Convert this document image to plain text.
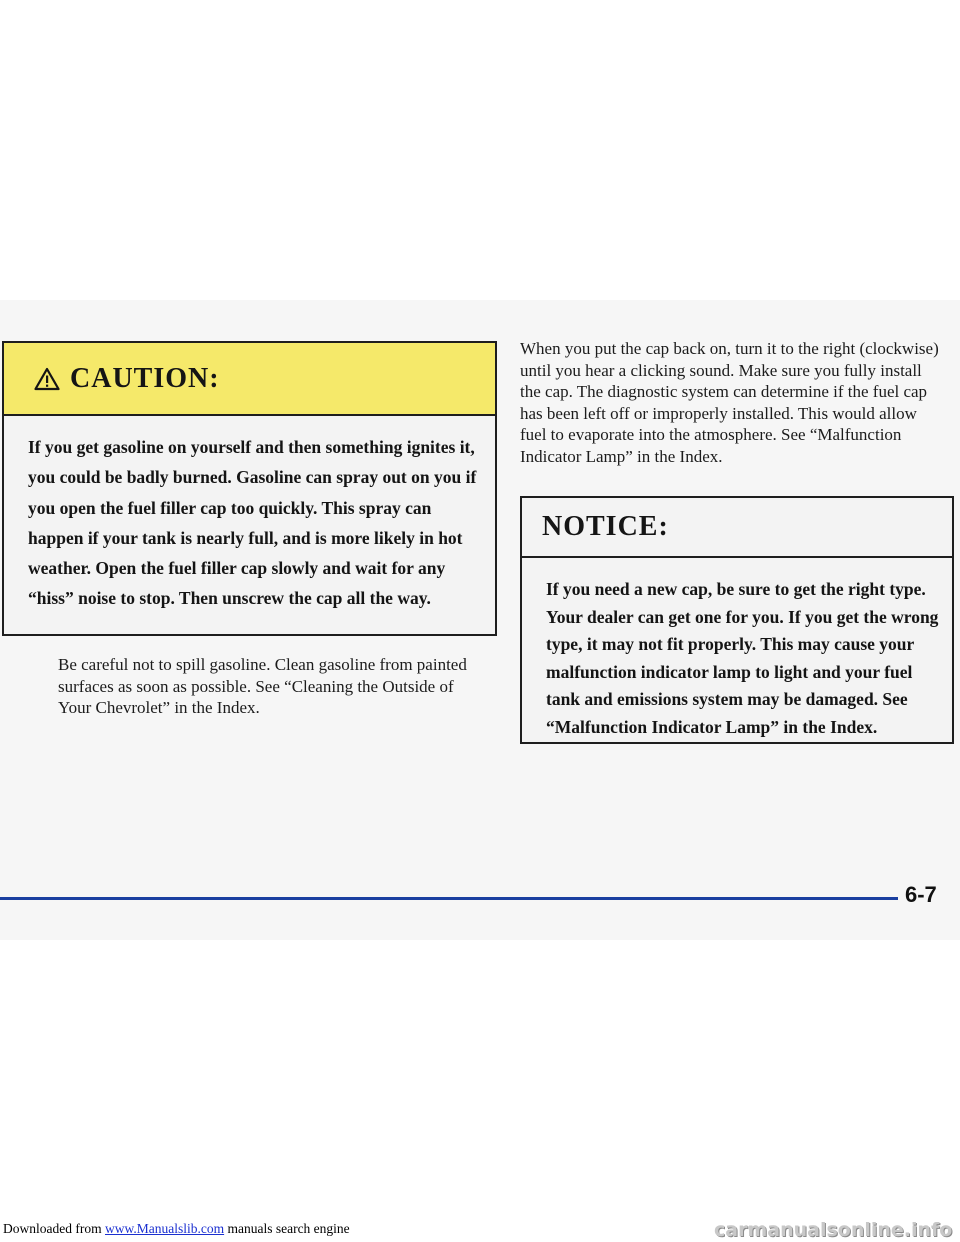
CAUTION:
If you get gasoline on yourself and then something ignites it, you could be badly burned. Gasoline can spray out on you if you open the fuel filler cap too quickly. This spray can happen if your tank is nearly full, and is more likely in hot weather. Open the fuel filler cap slowly and wait for any “hiss” noise to stop. Then unscrew the cap all the way.
Be careful not to spill gasoline. Clean gasoline from painted surfaces as soon as possible. See “Cleaning the Outside of Your Chevrolet” in the Index.
When you put the cap back on, turn it to the right (clockwise) until you hear a clicking sound. Make sure you fully install the cap. The diagnostic system can determine if the fuel cap has been left off or improperly installed. This would allow fuel to evaporate into the atmosphere. See “Malfunction Indicator Lamp” in the Index.
NOTICE:
If you need a new cap, be sure to get the right type. Your dealer can get one for you. If you get the wrong type, it may not fit properly. This may cause your malfunction indicator lamp to light and your fuel tank and emissions system may be damaged. See “Malfunction Indicator Lamp” in the Index.
6-7
Downloaded from www.Manualslib.com manuals search engine	carmanualsonline.info
